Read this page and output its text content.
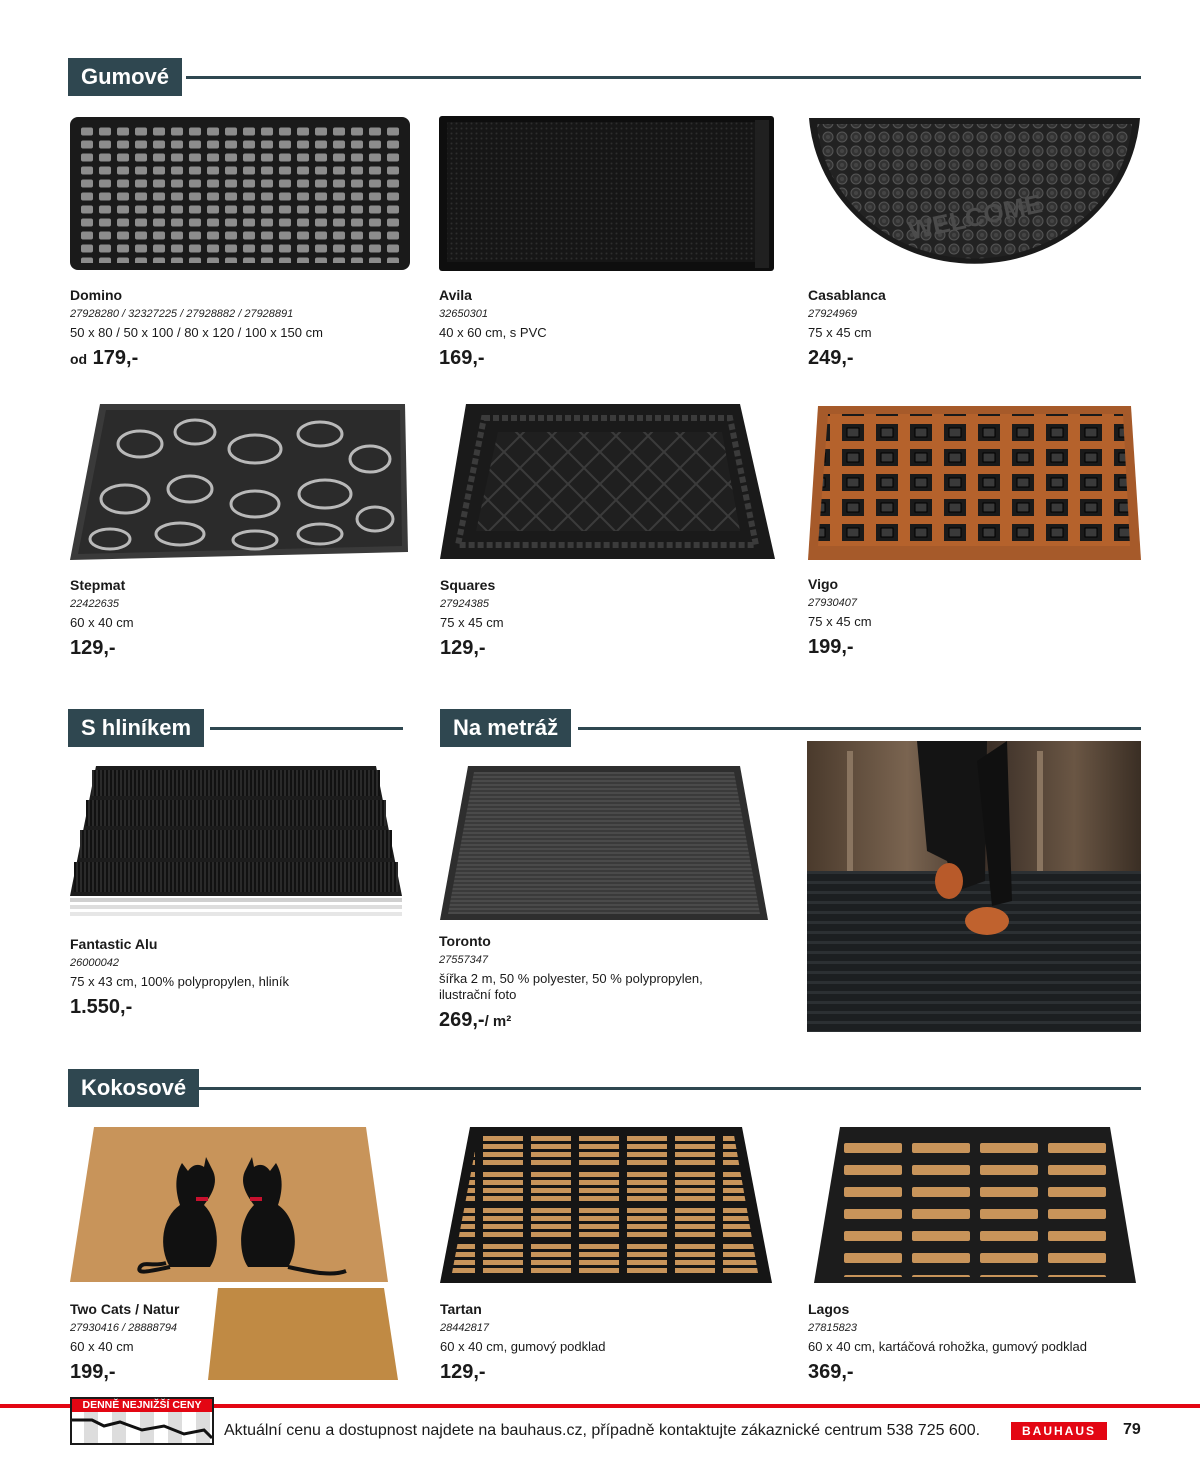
Gumové
Domino
27928280 / 32327225 / 27928882 / 27928891
50 x 80 / 50 x 100 / 80 x 120 / 100 x 150 cm
od 179,-
Avila
32650301
40 x 60 cm, s PVC
169,-
WELCOME
Casablanca
27924969
75 x 45 cm
249,-
Stepmat
22422635
60 x 40 cm
129,-
Squares
27924385
75 x 45 cm
129,-
Vigo
27930407
75 x 45 cm
199,-
S hliníkem	Na metráž
Fantastic Alu
26000042
75 x 43 cm, 100% polypropylen, hliník
1.550,-
Toronto
27557347
šířka 2 m, 50 % polyester, 50 % polypropylen, ilustrační foto
269,-/ m²
Kokosové
Two Cats / Natur
27930416 / 28888794
60 x 40 cm
199,-
Tartan
28442817
60 x 40 cm, gumový podklad
129,-
Lagos
27815823
60 x 40 cm, kartáčová rohožka, gumový podklad
369,-
DENNĚ NEJNIŽŠÍ CENY
Aktuální cenu a dostupnost najdete na bauhaus.cz, případně kontaktujte zákaznické centrum 538 725 600.	BAUHAUS	79
